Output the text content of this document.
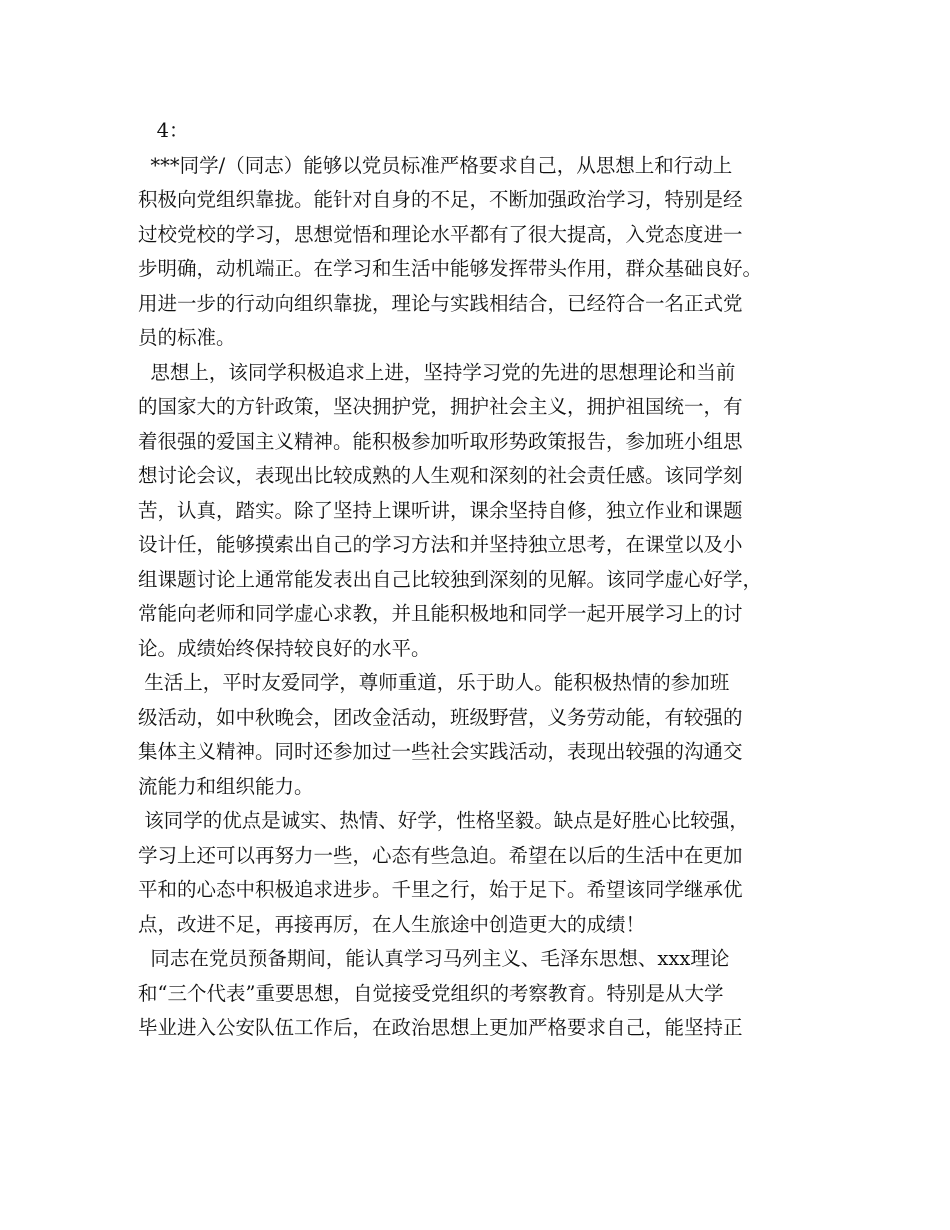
4：

***同学/（同志）能够以党员标准严格要求自己，从思想上和行动上

积极向党组织靠拢。能针对自身的不足，不断加强政治学习，特别是经

过校党校的学习，思想觉悟和理论水平都有了很大提高，入党态度进一

步明确，动机端正。在学习和生活中能够发挥带头作用，群众基础良好。

用进一步的行动向组织靠拢，理论与实践相结合，已经符合一名正式党

员的标准。

思想上，该同学积极追求上进，坚持学习党的先进的思想理论和当前

的国家大的方针政策，坚决拥护党，拥护社会主义，拥护祖国统一，有

着很强的爱国主义精神。能积极参加听取形势政策报告，参加班小组思

想讨论会议，表现出比较成熟的人生观和深刻的社会责任感。该同学刻

苦，认真，踏实。除了坚持上课听讲，课余坚持自修，独立作业和课题

设计任，能够摸索出自己的学习方法和并坚持独立思考，在课堂以及小

组课题讨论上通常能发表出自己比较独到深刻的见解。该同学虚心好学，

常能向老师和同学虚心求教，并且能积极地和同学一起开展学习上的讨

论。成绩始终保持较良好的水平。

生活上，平时友爱同学，尊师重道，乐于助人。能积极热情的参加班

级活动，如中秋晚会，团改金活动，班级野营，义务劳动能，有较强的

集体主义精神。同时还参加过一些社会实践活动，表现出较强的沟通交

流能力和组织能力。

该同学的优点是诚实、热情、好学，性格坚毅。缺点是好胜心比较强，

学习上还可以再努力一些，心态有些急迫。希望在以后的生活中在更加

平和的心态中积极追求进步。千里之行，始于足下。希望该同学继承优

点，改进不足，再接再厉，在人生旅途中创造更大的成绩！

同志在党员预备期间，能认真学习马列主义、毛泽东思想、xxx理论

和“三个代表”重要思想，自觉接受党组织的考察教育。特别是从大学

毕业进入公安队伍工作后，在政治思想上更加严格要求自己，能坚持正
